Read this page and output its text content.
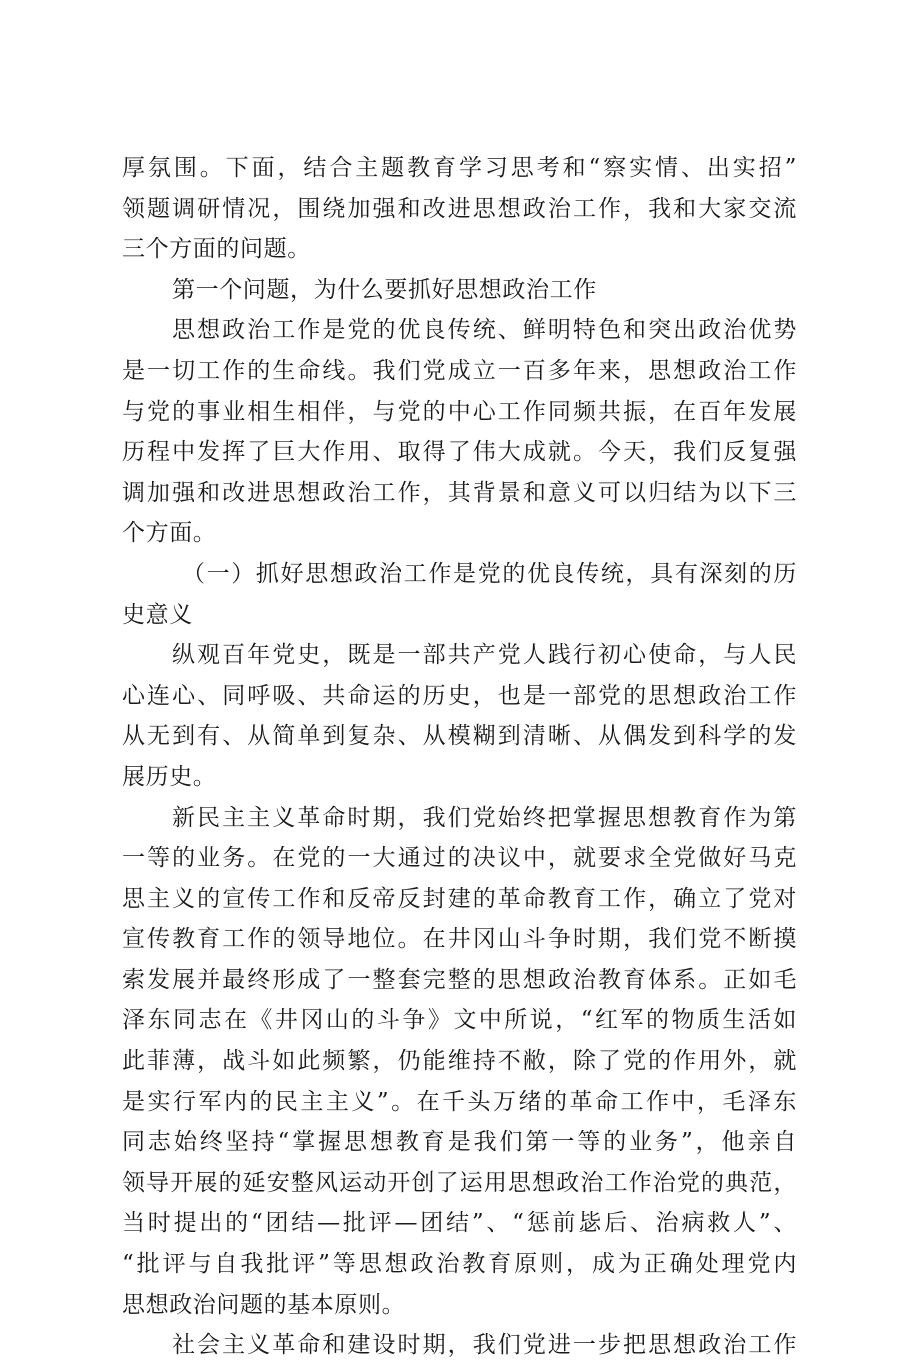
厚氛围。下面，结合主题教育学习思考和“察实情、出实招”
领题调研情况，围绕加强和改进思想政治工作，我和大家交流
三个方面的问题。
第一个问题，为什么要抓好思想政治工作
思想政治工作是党的优良传统、鲜明特色和突出政治优势
是一切工作的生命线。我们党成立一百多年来，思想政治工作
与党的事业相生相伴，与党的中心工作同频共振，在百年发展
历程中发挥了巨大作用、取得了伟大成就。今天，我们反复强
调加强和改进思想政治工作，其背景和意义可以归结为以下三
个方面。
（一）抓好思想政治工作是党的优良传统，具有深刻的历
史意义
纵观百年党史，既是一部共产党人践行初心使命，与人民
心连心、同呼吸、共命运的历史，也是一部党的思想政治工作
从无到有、从简单到复杂、从模糊到清晰、从偶发到科学的发
展历史。
新民主主义革命时期，我们党始终把掌握思想教育作为第
一等的业务。在党的一大通过的决议中，就要求全党做好马克
思主义的宣传工作和反帝反封建的革命教育工作，确立了党对
宣传教育工作的领导地位。在井冈山斗争时期，我们党不断摸
索发展并最终形成了一整套完整的思想政治教育体系。正如毛
泽东同志在《井冈山的斗争》文中所说，“红军的物质生活如
此菲薄，战斗如此频繁，仍能维持不敝，除了党的作用外，就
是实行军内的民主主义”。在千头万绪的革命工作中，毛泽东
同志始终坚持“掌握思想教育是我们第一等的业务”，他亲自
领导开展的延安整风运动开创了运用思想政治工作治党的典范，
当时提出的“团结—批评—团结”、“惩前毖后、治病救人”、
“批评与自我批评”等思想政治教育原则，成为正确处理党内
思想政治问题的基本原则。
社会主义革命和建设时期，我们党进一步把思想政治工作
